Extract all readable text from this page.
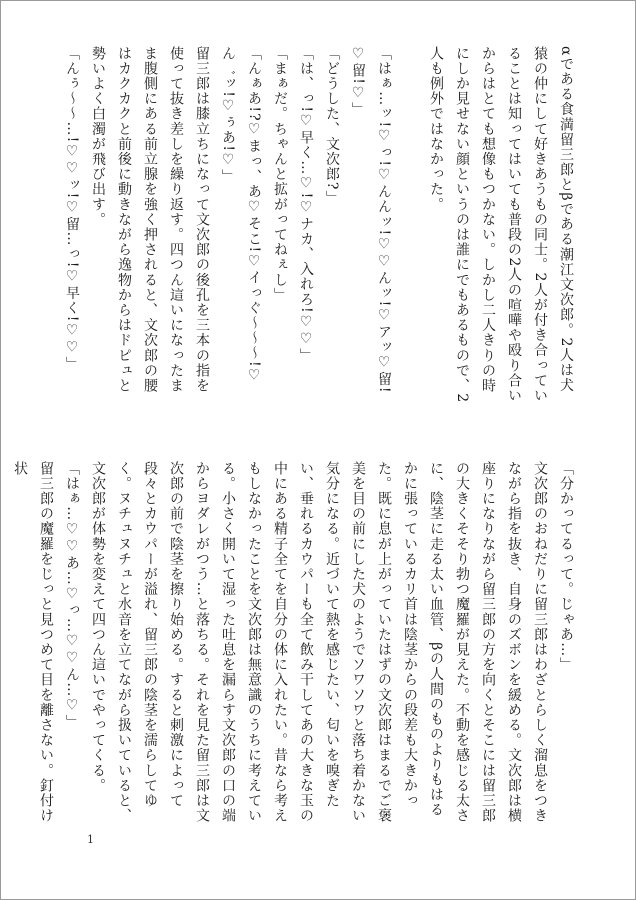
αである食満留三郎とβである潮江文次郎。2人は犬猿の仲にして好きあうもの同士。2人が付き合っていることは知ってはいても普段の2人の喧嘩や殴り合いからはとても想像もつかない。しかし二人きりの時にしか見せない顔というのは誰にでもあるもので、2人も例外ではなかった。

「はぁ…ッ!♡っ!♡んんッ!♡♡んッ!♡アッ♡留!♡留!♡」

「どうした、文次郎?」

「は、っ!♡早く…♡!♡ナカ、入れろ!♡♡」

「まぁだ。ちゃんと拡がってねぇし」

「んぁあ!?♡まっ、あ♡そこ!♡イっぐ～～～!♡ん゛ッ!♡ぅあ!♡」

留三郎は膝立ちになって文次郎の後孔を三本の指を使って抜き差しを繰り返す。四つん這いになったまま腹側にある前立腺を強く押されると、文次郎の腰はカクカクと前後に動きながら逸物からはドピュと勢いよく白濁が飛び出す。

「んぅ～～…!♡♡ッ!♡留…っ!♡早く!♡♡」

「分かってるって。じゃあ…」

文次郎のおねだりに留三郎はわざとらしく溜息をつきながら指を抜き、自身のズボンを緩める。文次郎は横座りになりながら留三郎の方を向くとそこには留三郎の大きくそそり勃つ魔羅が見えた。不動を感じる太さに、陰茎に走る太い血管、βの人間のものよりもはるかに張っているカリ首は陰茎からの段差も大きかった。既に息が上がっていたはずの文次郎はまるでご褒美を目の前にした犬のようでソワソワと落ち着かない気分になる。近づいて熱を感じたい、匂いを嗅ぎたい、垂れるカウパーも全て飲み干してあの大きな玉の中にある精子全てを自分の体に入れたい。昔なら考えもしなかったことを文次郎は無意識のうちに考えている。小さく開いて湿った吐息を漏らす文次郎の口の端からヨダレがつう…と落ちる。それを見た留三郎は文次郎の前で陰茎を擦り始める。すると刺激によって段々とカウパーが溢れ、留三郎の陰茎を濡らしてゆく。ヌチュヌチュと水音を立てながら扱いていると、文次郎が体勢を変えて四つん這いでやってくる。

「はぁ…♡♡あ…♡っ…♡♡ん…♡」

留三郎の魔羅をじっと見つめて目を離さない。釘付け状

1
